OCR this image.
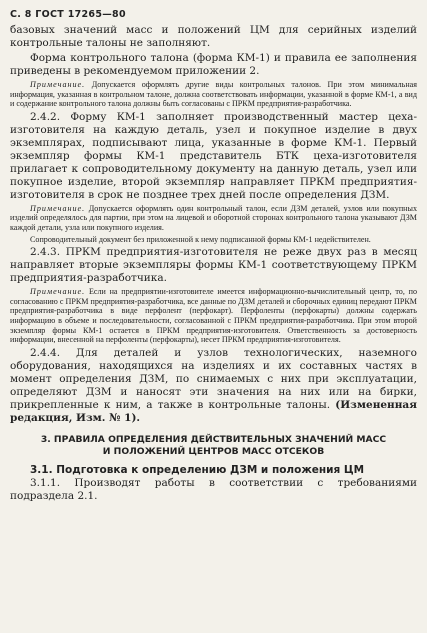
С. 8 ГОСТ 17265—80

базовых значений масс и положений ЦМ для серийных изделий контрольные талоны не заполняют.

Форма контрольного талона (форма КМ-1) и правила ее заполнения приведены в рекомендуемом приложении 2.

Примечание. Допускается оформлять другие виды контрольных талонов. При этом минимальная информация, указанная в контрольном талоне, должна соответствовать информации, указанной в форме КМ-1, а вид и содержание контрольного талона должны быть согласованы с ПРКМ предприятия-разработчика.

2.4.2. Форму КМ-1 заполняет производственный мастер цеха-изготовителя на каждую деталь, узел и покупное изделие в двух экземплярах, подписывают лица, указанные в форме КМ-1. Первый экземпляр формы КМ-1 представитель БТК цеха-изготовителя прилагает к сопроводительному документу на данную деталь, узел или покупное изделие, второй экземпляр направляет ПРКМ предприятия-изготовителя в срок не позднее трех дней после определения ДЗМ.

Примечание. Допускается оформлять один контрольный талон, если ДЗМ деталей, узлов или покупных изделий определялось для партии, при этом на лицевой и оборотной сторонах контрольного талона указывают ДЗМ каждой детали, узла или покупного изделия.

Сопроводительный документ без приложенной к нему подписанной формы КМ-1 недействителен.

2.4.3. ПРКМ предприятия-изготовителя не реже двух раз в месяц направляет вторые экземпляры формы КМ-1 соответствующему ПРКМ предприятия-разработчика.

Примечание. Если на предприятии-изготовителе имеется информационно-вычислительный центр, то, по согласованию с ПРКМ предприятия-разработчика, все данные по ДЗМ деталей и сборочных единиц передают ПРКМ предприятия-разработчика в виде перфолент (перфокарт). Перфоленты (перфокарты) должны содержать информацию в объеме и последовательности, согласованной с ПРКМ предприятия-разработчика. При этом второй экземпляр формы КМ-1 остается в ПРКМ предприятия-изготовителя. Ответственность за достоверность информации, внесенной на перфоленты (перфокарты), несет ПРКМ предприятия-изготовителя.

2.4.4. Для деталей и узлов технологических, наземного оборудования, находящихся на изделиях и их составных частях в момент определения ДЗМ, по снимаемых с них при эксплуатации, определяют ДЗМ и наносят эти значения на них или на бирки, прикрепленные к ним, а также в контрольные талоны. (Измененная редакция, Изм. № 1).

3. ПРАВИЛА ОПРЕДЕЛЕНИЯ ДЕЙСТВИТЕЛЬНЫХ ЗНАЧЕНИЙ МАСС
И ПОЛОЖЕНИЙ ЦЕНТРОВ МАСС ОТСЕКОВ

3.1. Подготовка к определению ДЗМ и положения ЦМ

3.1.1. Производят работы в соответствии с требованиями подраздела 2.1.
